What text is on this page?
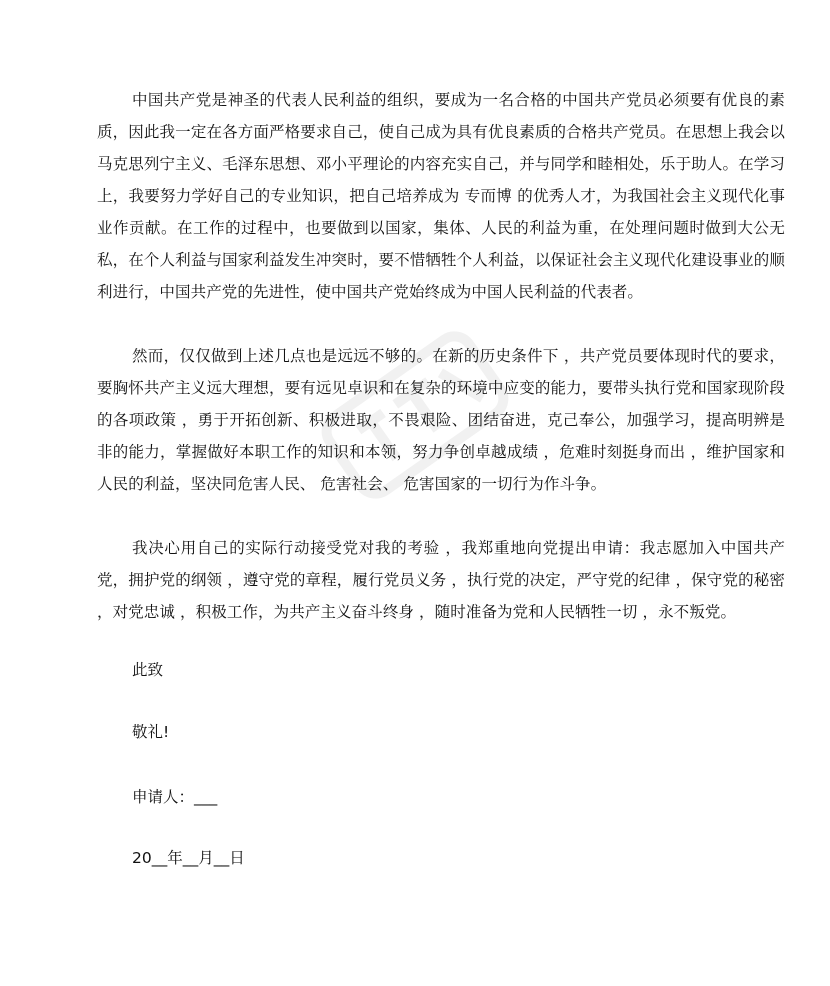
中国共产党是神圣的代表人民利益的组织，要成为一名合格的中国共产党员必须要有优良的素质，因此我一定在各方面严格要求自己，使自己成为具有优良素质的合格共产党员。在思想上我会以马克思列宁主义、毛泽东思想、邓小平理论的内容充实自己，并与同学和睦相处，乐于助人。在学习上，我要努力学好自己的专业知识，把自己培养成为 专而博 的优秀人才，为我国社会主义现代化事业作贡献。在工作的过程中，也要做到以国家，集体、人民的利益为重，在处理问题时做到大公无私，在个人利益与国家利益发生冲突时，要不惜牺牲个人利益，以保证社会主义现代化建设事业的顺利进行，中国共产党的先进性，使中国共产党始终成为中国人民利益的代表者。

然而，仅仅做到上述几点也是远远不够的。在新的历史条件下 ，共产党员要体现时代的要求，要胸怀共产主义远大理想，要有远见卓识和在复杂的环境中应变的能力，要带头执行党和国家现阶段的各项政策 ，勇于开拓创新、积极进取，不畏艰险、团结奋进，克己奉公，加强学习，提高明辨是非的能力，掌握做好本职工作的知识和本领，努力争创卓越成绩 ，危难时刻挺身而出 ，维护国家和人民的利益，坚决同危害人民、 危害社会、 危害国家的一切行为作斗争。

我决心用自己的实际行动接受党对我的考验 ，我郑重地向党提出申请：我志愿加入中国共产党，拥护党的纲领 ，遵守党的章程，履行党员义务 ，执行党的决定，严守党的纪律 ，保守党的秘密 ，对党忠诚 ，积极工作，为共产主义奋斗终身 ，随时准备为党和人民牺牲一切 ，永不叛党。

此致

敬礼!

申请人：___

20__年__月__日
